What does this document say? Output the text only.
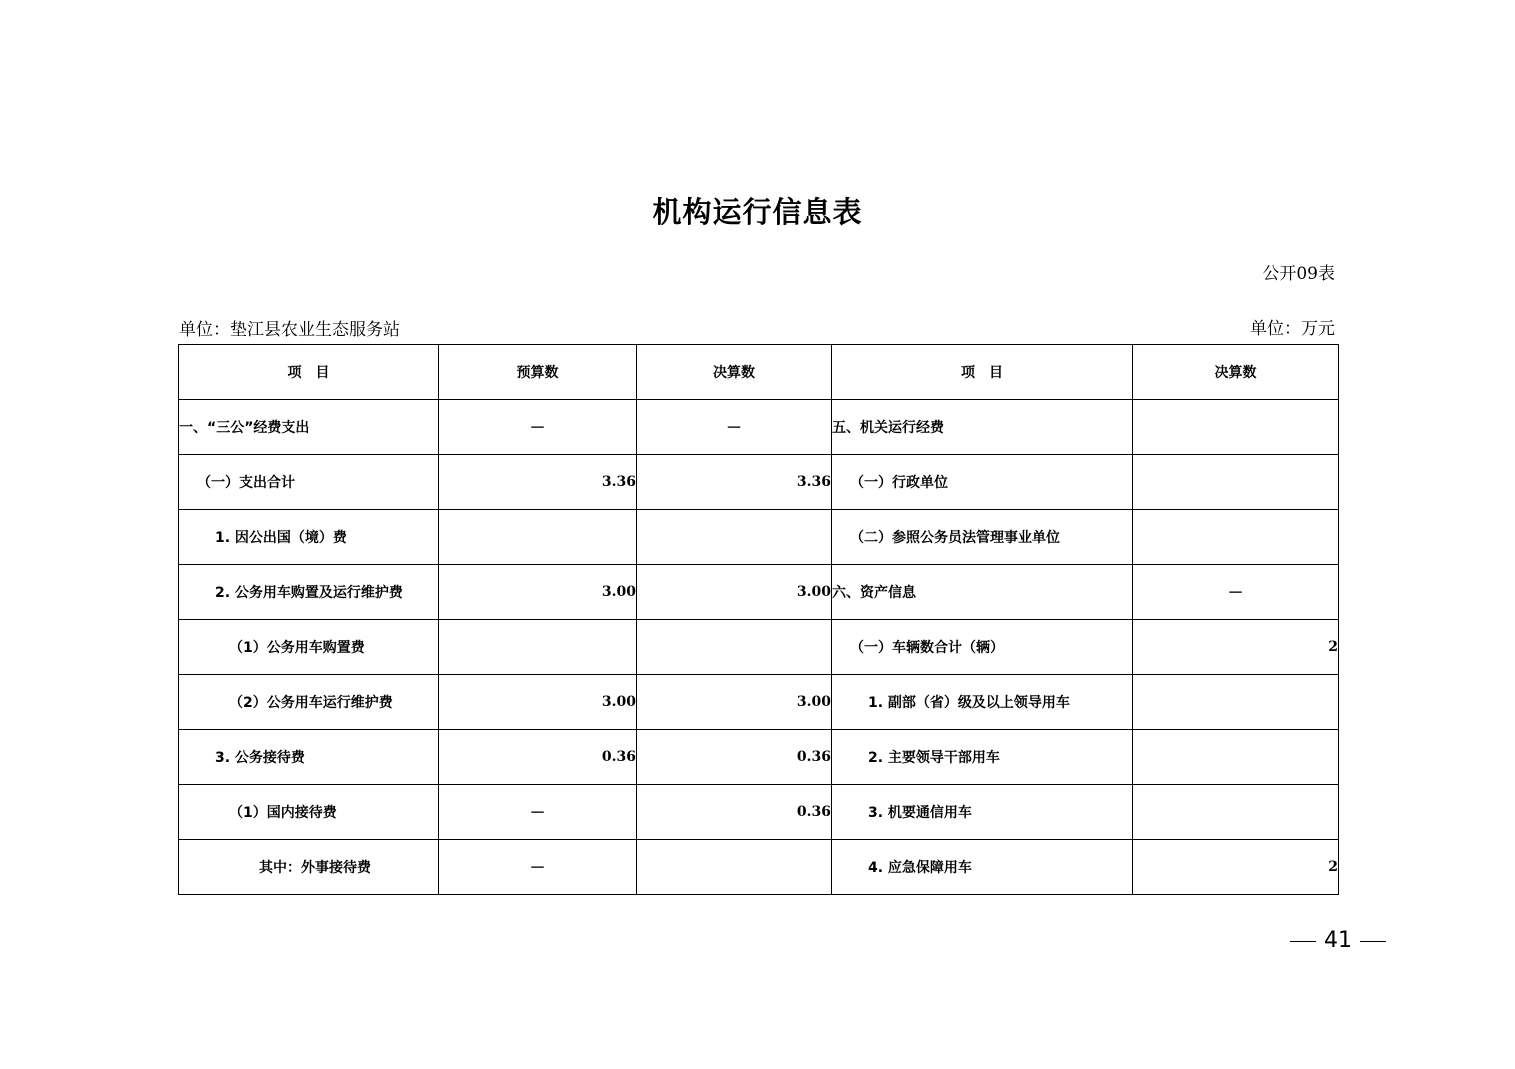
机构运行信息表
公开09表
单位：垫江县农业生态服务站	单位：万元
项　目	预算数	决算数	项　目	决算数
一、“三公”经费支出	—	—	五、机关运行经费	
（一）支出合计	3.36	3.36	（一）行政单位	
1. 因公出国（境）费			（二）参照公务员法管理事业单位	
2. 公务用车购置及运行维护费	3.00	3.00	六、资产信息	—
（1）公务用车购置费			（一）车辆数合计（辆）	2
（2）公务用车运行维护费	3.00	3.00	1. 副部（省）级及以上领导用车	
3. 公务接待费	0.36	0.36	2. 主要领导干部用车	
（1）国内接待费	—	0.36	3. 机要通信用车	
其中：外事接待费	—		4. 应急保障用车	2
41
